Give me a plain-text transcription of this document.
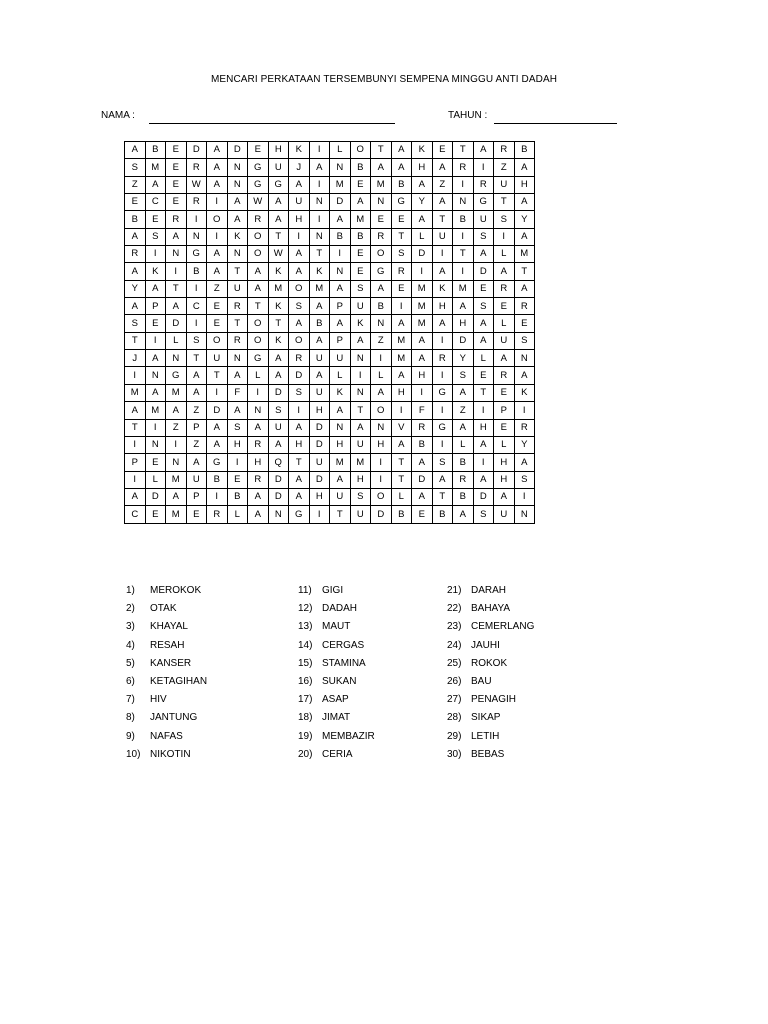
MENCARI PERKATAAN TERSEMBUNYI SEMPENA MINGGU ANTI DADAH
NAMA :	TAHUN :
A	B	E	D	A	D	E	H	K	I	L	O	T	A	K	E	T	A	R	B
S	M	E	R	A	N	G	U	J	A	N	B	A	A	H	A	R	I	Z	A
Z	A	E	W	A	N	G	G	A	I	M	E	M	B	A	Z	I	R	U	H
E	C	E	R	I	A	W	A	U	N	D	A	N	G	Y	A	N	G	T	A
B	E	R	I	O	A	R	A	H	I	A	M	E	E	A	T	B	U	S	Y
A	S	A	N	I	K	O	T	I	N	B	B	R	T	L	U	I	S	I	A
R	I	N	G	A	N	O	W	A	T	I	E	O	S	D	I	T	A	L	M
A	K	I	B	A	T	A	K	A	K	N	E	G	R	I	A	I	D	A	T
Y	A	T	I	Z	U	A	M	O	M	A	S	A	E	M	K	M	E	R	A
A	P	A	C	E	R	T	K	S	A	P	U	B	I	M	H	A	S	E	R
S	E	D	I	E	T	O	T	A	B	A	K	N	A	M	A	H	A	L	E
T	I	L	S	O	R	O	K	O	A	P	A	Z	M	A	I	D	A	U	S
J	A	N	T	U	N	G	A	R	U	U	N	I	M	A	R	Y	L	A	N
I	N	G	A	T	A	L	A	D	A	L	I	L	A	H	I	S	E	R	A
M	A	M	A	I	F	I	D	S	U	K	N	A	H	I	G	A	T	E	K
A	M	A	Z	D	A	N	S	I	H	A	T	O	I	F	I	Z	I	P	I
T	I	Z	P	A	S	A	U	A	D	N	A	N	V	R	G	A	H	E	R
I	N	I	Z	A	H	R	A	H	D	H	U	H	A	B	I	L	A	L	Y
P	E	N	A	G	I	H	Q	T	U	M	M	I	T	A	S	B	I	H	A
I	L	M	U	B	E	R	D	A	D	A	H	I	T	D	A	R	A	H	S
A	D	A	P	I	B	A	D	A	H	U	S	O	L	A	T	B	D	A	I
C	E	M	E	R	L	A	N	G	I	T	U	D	B	E	B	A	S	U	N
1) MEROKOK
2) OTAK
3) KHAYAL
4) RESAH
5) KANSER
6) KETAGIHAN
7) HIV
8) JANTUNG
9) NAFAS
10) NIKOTIN
11) GIGI
12) DADAH
13) MAUT
14) CERGAS
15) STAMINA
16) SUKAN
17) ASAP
18) JIMAT
19) MEMBAZIR
20) CERIA
21) DARAH
22) BAHAYA
23) CEMERLANG
24) JAUHI
25) ROKOK
26) BAU
27) PENAGIH
28) SIKAP
29) LETIH
30) BEBAS
